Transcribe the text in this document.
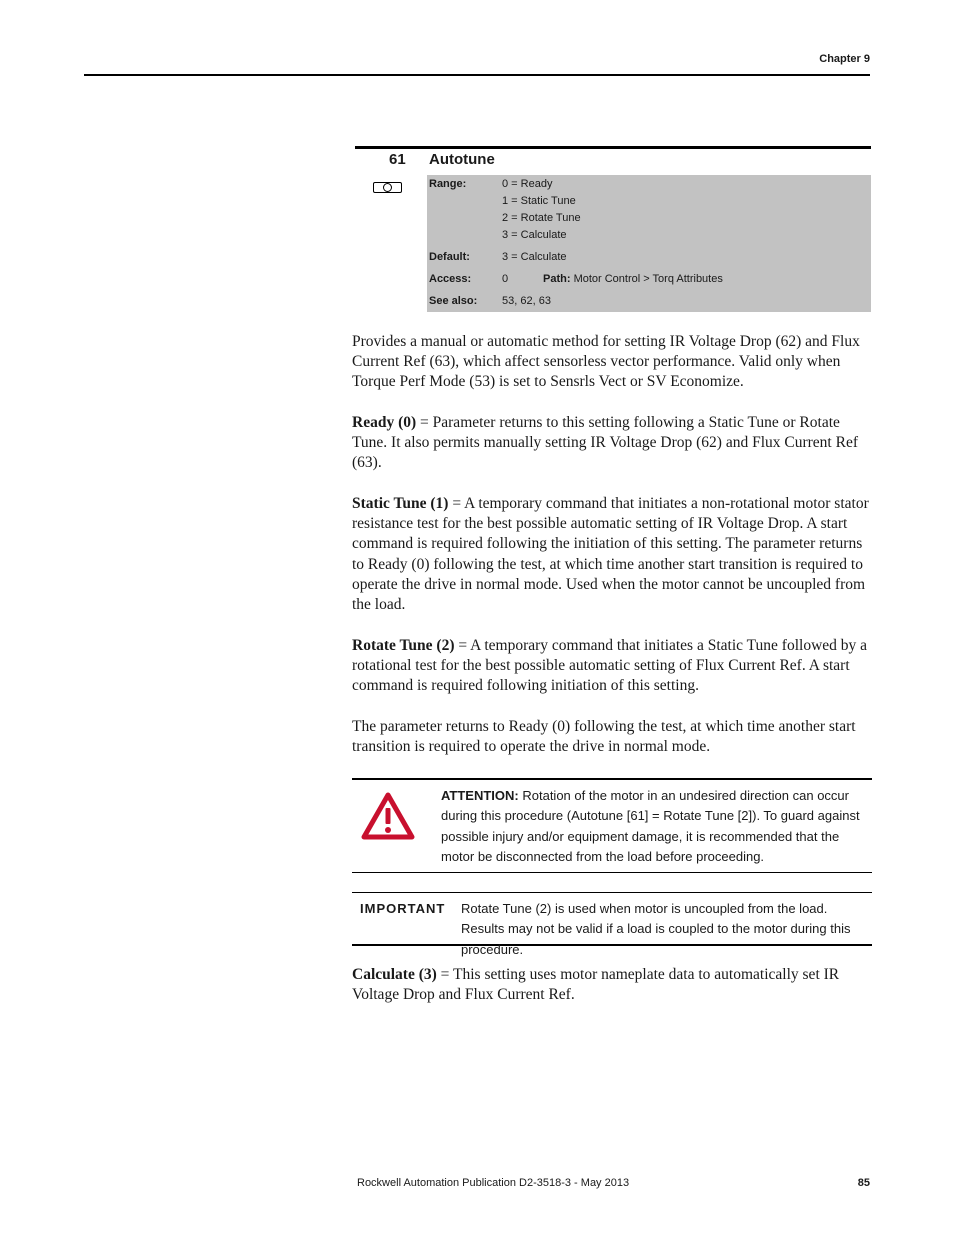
Chapter 9
61 Autotune
Range:	0 = Ready
1 = Static Tune
2 = Rotate Tune
3 = Calculate
Default:	3 = Calculate
Access:	0	Path: Motor Control > Torq Attributes
See also: 53, 62, 63
Provides a manual or automatic method for setting IR Voltage Drop (62) and Flux Current Ref (63), which affect sensorless vector performance. Valid only when Torque Perf Mode (53) is set to Sensrls Vect or SV Economize.
Ready (0) = Parameter returns to this setting following a Static Tune or Rotate Tune. It also permits manually setting IR Voltage Drop (62) and Flux Current Ref (63).
Static Tune (1) = A temporary command that initiates a non-rotational motor stator resistance test for the best possible automatic setting of IR Voltage Drop. A start command is required following the initiation of this setting. The parameter returns to Ready (0) following the test, at which time another start transition is required to operate the drive in normal mode. Used when the motor cannot be uncoupled from the load.
Rotate Tune (2) = A temporary command that initiates a Static Tune followed by a rotational test for the best possible automatic setting of Flux Current Ref. A start command is required following initiation of this setting.
The parameter returns to Ready (0) following the test, at which time another start transition is required to operate the drive in normal mode.
ATTENTION: Rotation of the motor in an undesired direction can occur during this procedure (Autotune [61] = Rotate Tune [2]). To guard against possible injury and/or equipment damage, it is recommended that the motor be disconnected from the load before proceeding.
IMPORTANT Rotate Tune (2) is used when motor is uncoupled from the load. Results may not be valid if a load is coupled to the motor during this procedure.
Calculate (3) = This setting uses motor nameplate data to automatically set IR Voltage Drop and Flux Current Ref.
Rockwell Automation Publication D2-3518-3 - May 2013	85
